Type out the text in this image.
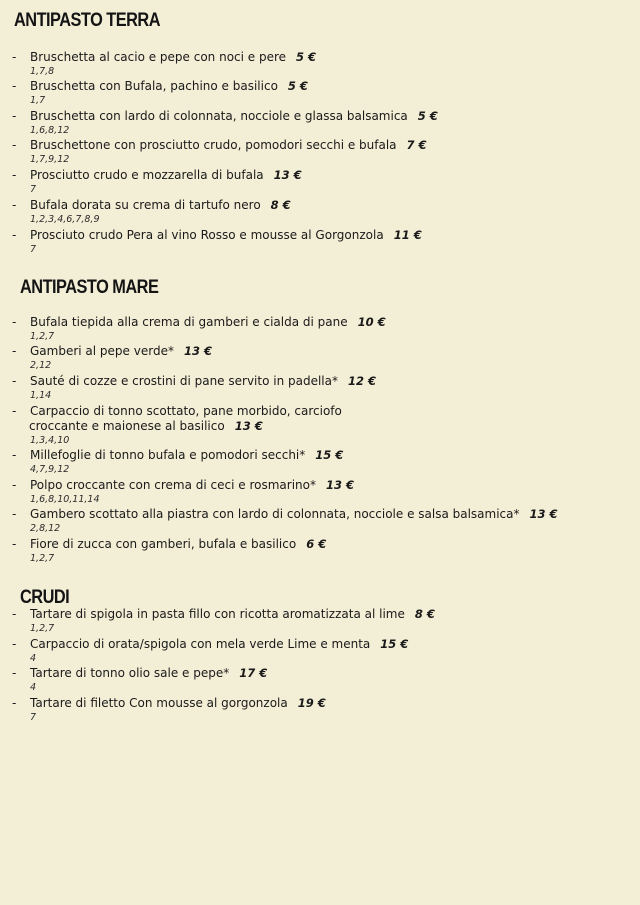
ANTIPASTO TERRA
- Bruschetta al cacio e pepe con noci e pere 5 €
1,7,8
- Bruschetta con Bufala, pachino e basilico 5 €
1,7
- Bruschetta con lardo di colonnata, nocciole e glassa balsamica 5 €
1,6,8,12
- Bruschettone con prosciutto crudo, pomodori secchi e bufala 7 €
1,7,9,12
- Prosciutto crudo e mozzarella di bufala 13 €
7
- Bufala dorata su crema di tartufo nero 8 €
1,2,3,4,6,7,8,9
- Prosciuto crudo Pera al vino Rosso e mousse al Gorgonzola 11 €
7
ANTIPASTO MARE
- Bufala tiepida alla crema di gamberi e cialda di pane 10 €
1,2,7
- Gamberi al pepe verde* 13 €
2,12
- Sauté di cozze e crostini di pane servito in padella* 12 €
1,14
- Carpaccio di tonno scottato, pane morbido, carciofo
croccante e maionese al basilico 13 €
1,3,4,10
- Millefoglie di tonno bufala e pomodori secchi* 15 €
4,7,9,12
- Polpo croccante con crema di ceci e rosmarino* 13 €
1,6,8,10,11,14
- Gambero scottato alla piastra con lardo di colonnata, nocciole e salsa balsamica* 13 €
2,8,12
- Fiore di zucca con gamberi, bufala e basilico 6 €
1,2,7
CRUDI
- Tartare di spigola in pasta fillo con ricotta aromatizzata al lime 8 €
1,2,7
- Carpaccio di orata/spigola con mela verde Lime e menta 15 €
4
- Tartare di tonno olio sale e pepe* 17 €
4
- Tartare di filetto Con mousse al gorgonzola 19 €
7
